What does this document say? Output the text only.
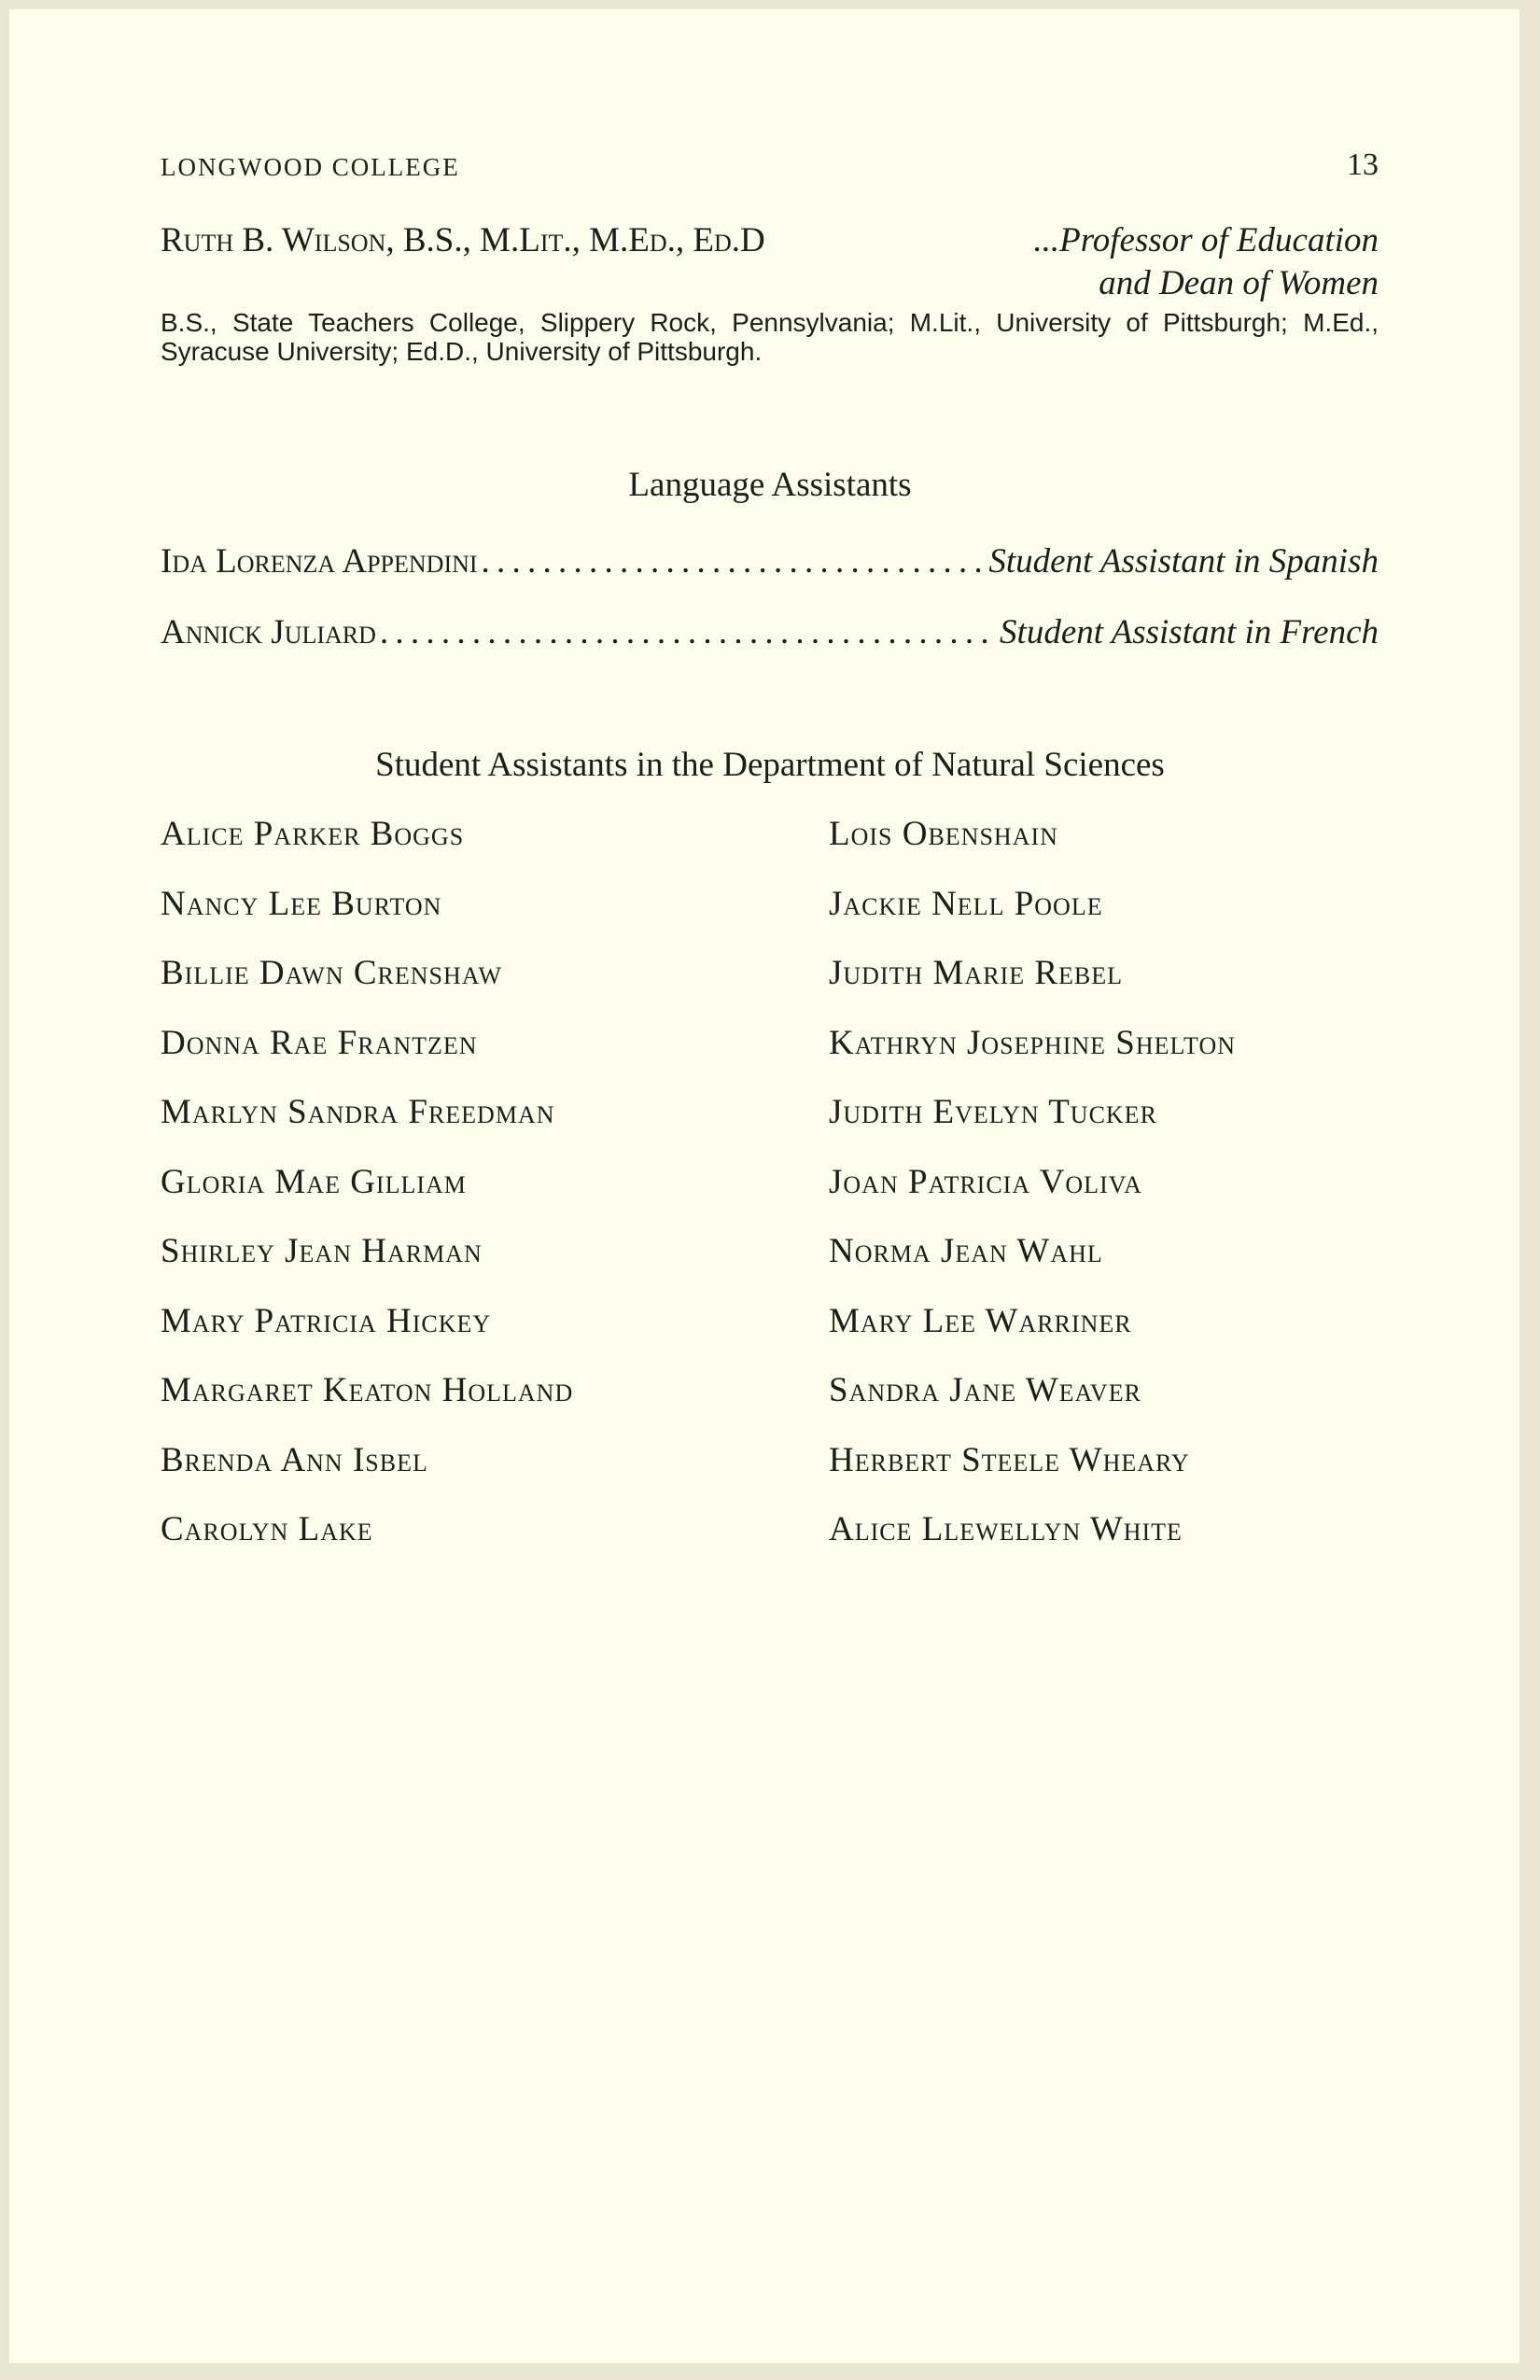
LONGWOOD COLLEGE	13
Ruth B. Wilson, B.S., M.Lit., M.Ed., Ed.D	...Professor of Education
and Dean of Women
B.S., State Teachers College, Slippery Rock, Pennsylvania; M.Lit., University of Pittsburgh; M.Ed., Syracuse University; Ed.D., University of Pittsburgh.
Language Assistants
Ida Lorenza Appendini . . .	Student Assistant in Spanish
Annick Juliard . . .	Student Assistant in French
Student Assistants in the Department of Natural Sciences
Alice Parker Boggs
Nancy Lee Burton
Billie Dawn Crenshaw
Donna Rae Frantzen
Marlyn Sandra Freedman
Gloria Mae Gilliam
Shirley Jean Harman
Mary Patricia Hickey
Margaret Keaton Holland
Brenda Ann Isbel
Carolyn Lake
Lois Obenshain
Jackie Nell Poole
Judith Marie Rebel
Kathryn Josephine Shelton
Judith Evelyn Tucker
Joan Patricia Voliva
Norma Jean Wahl
Mary Lee Warriner
Sandra Jane Weaver
Herbert Steele Wheary
Alice Llewellyn White
